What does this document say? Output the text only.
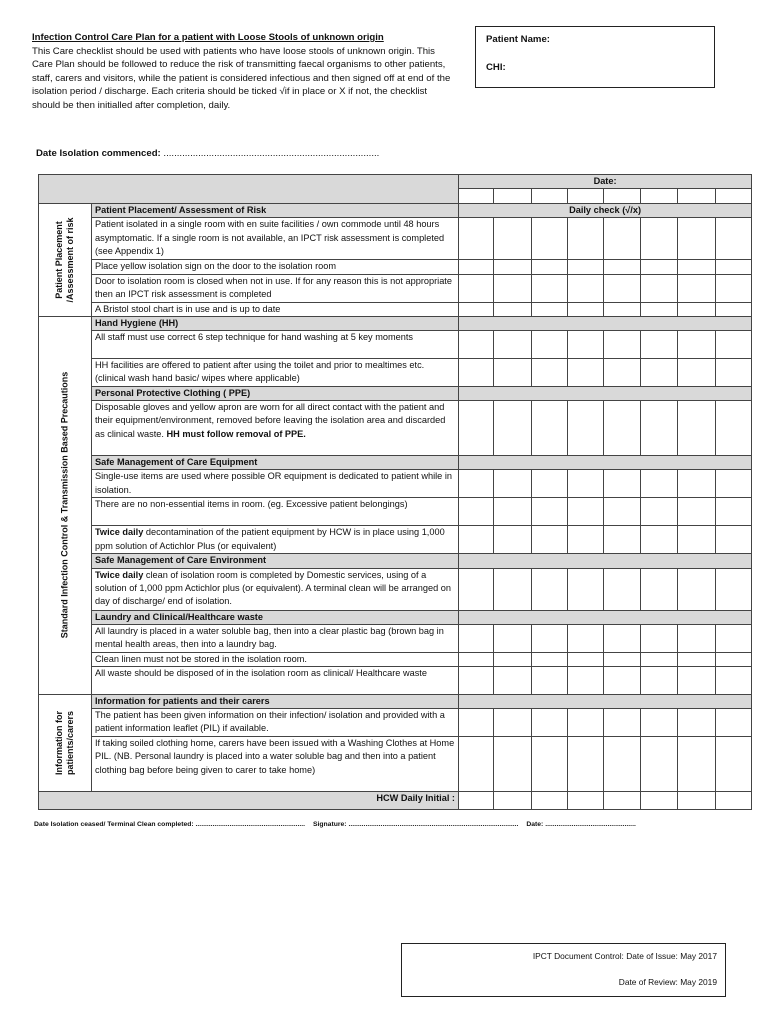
Infection Control Care Plan for a patient with Loose Stools of unknown origin
This Care checklist should be used with patients who have loose stools of unknown origin. This Care Plan should be followed to reduce the risk of transmitting faecal organisms to other patients, staff, carers and visitors, while the patient is considered infectious and then signed off at end of the isolation period / discharge. Each criteria should be ticked √if in place or X if not, the checklist should be then initialled after completion, daily.
Patient Name:
CHI:
Date Isolation commenced: .................................................................................
		Date:							

Patient Placement
/Assessment of risk	Patient Placement/ Assessment of Risk	Daily check (√/x)							
	Patient isolated in a single room with en suite facilities / own commode until 48 hours asymptomatic. If a single room is not available, an IPCT risk assessment is completed (see Appendix 1)								
	Place yellow isolation sign on the door to the isolation room								
	Door to isolation room is closed when not in use. If for any reason this is not appropriate then an IPCT risk assessment is completed								
	A Bristol stool chart is in use and is up to date								

Standard Infection Control & Transmission Based Precautions	Hand Hygiene (HH)								
	All staff must use correct 6 step technique for hand washing at 5 key moments								
	HH facilities are offered to patient after using the toilet and prior to mealtimes etc. (clinical wash hand basic/ wipes where applicable)								
	Personal Protective Clothing ( PPE)								
	Disposable gloves and yellow apron are worn for all direct contact with the patient and their equipment/environment, removed before leaving the isolation area and discarded as clinical waste. HH must follow removal of PPE.								
	Safe Management of Care Equipment								
	Single-use items are used where possible OR equipment is dedicated to patient while in isolation.								
	There are no non-essential items in room. (eg. Excessive patient belongings)								
	Twice daily decontamination of the patient equipment by HCW is in place using 1,000 ppm solution of Actichlor Plus (or equivalent)								
	Safe Management of Care Environment								
	Twice daily clean of isolation room is completed by Domestic services, using of a solution of 1,000 ppm Actichlor plus (or equivalent). A terminal clean will be arranged on day of discharge/ end of isolation.								
	Laundry and Clinical/Healthcare waste								
	All laundry is placed in a water soluble bag, then into a clear plastic bag (brown bag in mental health areas, then into a laundry bag.								
	Clean linen must not be stored in the isolation room.								
	All waste should be disposed of in the isolation room as clinical/ Healthcare waste								

Information for
patients/carers	Information for patients and their carers								
	The patient has been given information on their infection/ isolation and provided with a patient information leaflet (PIL) if available.								
	If taking soiled clothing home, carers have been issued with a Washing Clothes at Home PIL. (NB. Personal laundry is placed into a water soluble bag and then into a patient clothing bag before being given to carer to take home)								
HCW Daily Initial :									
Date Isolation ceased/ Terminal Clean completed: .......................................................... Signature: .......................................................................................... Date: ................................................
IPCT Document Control: Date of Issue: May 2017
Date of Review: May 2019
